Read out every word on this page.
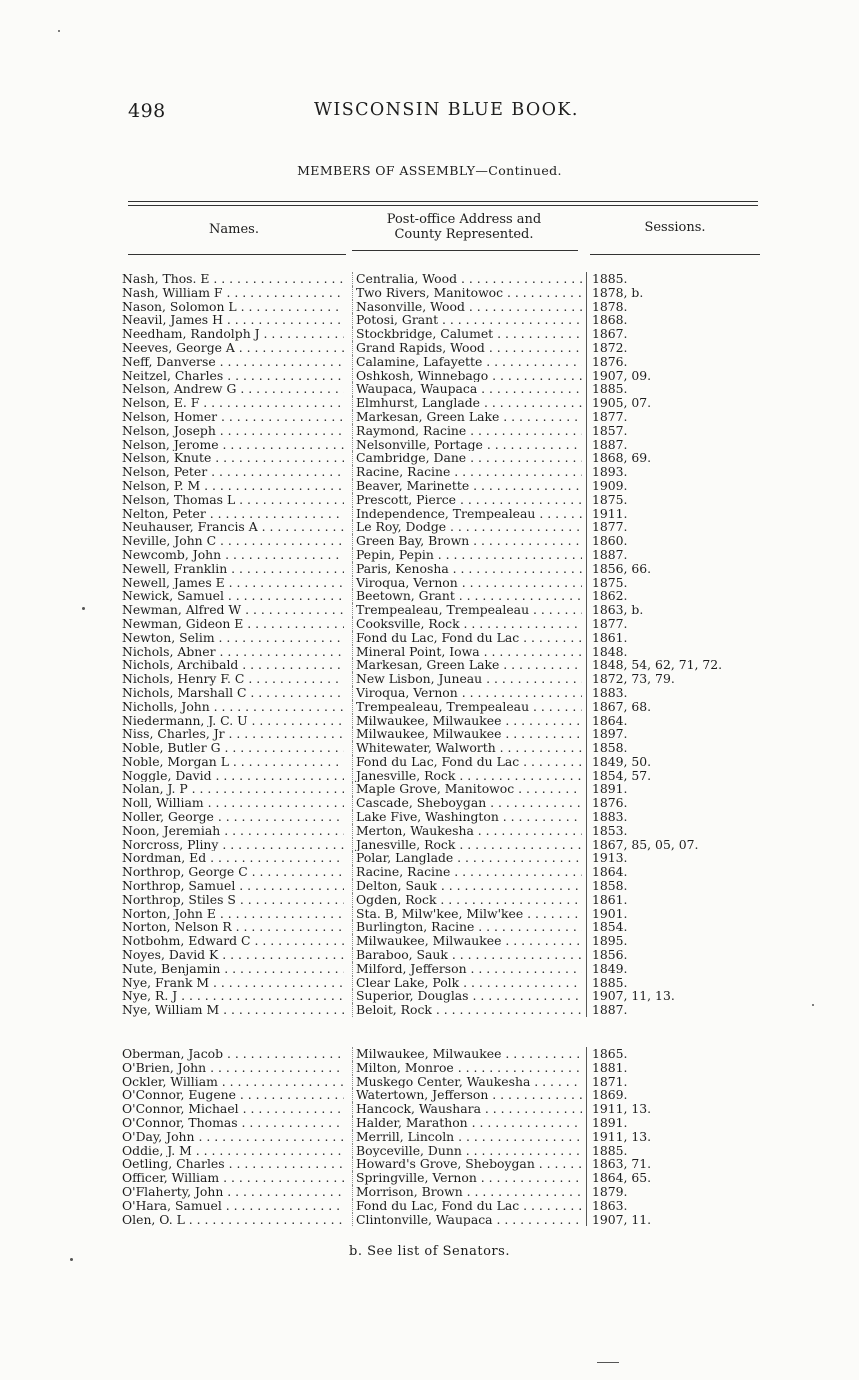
498	WISCONSIN BLUE BOOK.
MEMBERS OF ASSEMBLY—Continued.
Names.
Post-office Address and
County Represented.	Sessions.
Nash, Thos. E . . .	Centralia, Wood . . .	1885.
Nash, William F . . .	Two Rivers, Manitowoc . . .	1878, b.
Nason, Solomon L . . .	Nasonville, Wood . . .	1878.
Neavil, James H . . .	Potosi, Grant . . .	1868.
Needham, Randolph J . . .	Stockbridge, Calumet . . .	1867.
Neeves, George A . . .	Grand Rapids, Wood . . .	1872.
Neff, Danverse . . .	Calamine, Lafayette . . .	1876.
Neitzel, Charles . . .	Oshkosh, Winnebago . . .	1907, 09.
Nelson, Andrew G . . .	Waupaca, Waupaca . . .	1885.
Nelson, E. F . . .	Elmhurst, Langlade . . .	1905, 07.
Nelson, Homer . . .	Markesan, Green Lake . . .	1877.
Nelson, Joseph . . .	Raymond, Racine . . .	1857.
Nelson, Jerome . . .	Nelsonville, Portage . . .	1887.
Nelson, Knute . . .	Cambridge, Dane . . .	1868, 69.
Nelson, Peter . . .	Racine, Racine . . .	1893.
Nelson, P. M . . .	Beaver, Marinette . . .	1909.
Nelson, Thomas L . . .	Prescott, Pierce . . .	1875.
Nelton, Peter . . .	Independence, Trempealeau . . .	1911.
Neuhauser, Francis A . . .	Le Roy, Dodge . . .	1877.
Neville, John C . . .	Green Bay, Brown . . .	1860.
Newcomb, John . . .	Pepin, Pepin . . .	1887.
Newell, Franklin . . .	Paris, Kenosha . . .	1856, 66.
Newell, James E . . .	Viroqua, Vernon . . .	1875.
Newick, Samuel . . .	Beetown, Grant . . .	1862.
Newman, Alfred W . . .	Trempealeau, Trempealeau . . .	1863, b.
Newman, Gideon E . . .	Cooksville, Rock . . .	1877.
Newton, Selim . . .	Fond du Lac, Fond du Lac . . .	1861.
Nichols, Abner . . .	Mineral Point, Iowa . . .	1848.
Nichols, Archibald . . .	Markesan, Green Lake . . .	1848, 54, 62, 71, 72.
Nichols, Henry F. C . . .	New Lisbon, Juneau . . .	1872, 73, 79.
Nichols, Marshall C . . .	Viroqua, Vernon . . .	1883.
Nicholls, John . . .	Trempealeau, Trempealeau . . .	1867, 68.
Niedermann, J. C. U . . .	Milwaukee, Milwaukee . . .	1864.
Niss, Charles, Jr . . .	Milwaukee, Milwaukee . . .	1897.
Noble, Butler G . . .	Whitewater, Walworth . . .	1858.
Noble, Morgan L . . .	Fond du Lac, Fond du Lac . . .	1849, 50.
Noggle, David . . .	Janesville, Rock . . .	1854, 57.
Nolan, J. P . . .	Maple Grove, Manitowoc . . .	1891.
Noll, William . . .	Cascade, Sheboygan . . .	1876.
Noller, George . . .	Lake Five, Washington . . .	1883.
Noon, Jeremiah . . .	Merton, Waukesha . . .	1853.
Norcross, Pliny . . .	Janesville, Rock . . .	1867, 85, 05, 07.
Nordman, Ed . . .	Polar, Langlade . . .	1913.
Northrop, George C . . .	Racine, Racine . . .	1864.
Northrop, Samuel . . .	Delton, Sauk . . .	1858.
Northrop, Stiles S . . .	Ogden, Rock . . .	1861.
Norton, John E . . .	Sta. B, Milw'kee, Milw'kee . . .	1901.
Norton, Nelson R . . .	Burlington, Racine . . .	1854.
Notbohm, Edward C . . .	Milwaukee, Milwaukee . . .	1895.
Noyes, David K . . .	Baraboo, Sauk . . .	1856.
Nute, Benjamin . . .	Milford, Jefferson . . .	1849.
Nye, Frank M . . .	Clear Lake, Polk . . .	1885.
Nye, R. J . . .	Superior, Douglas . . .	1907, 11, 13.
Nye, William M . . .	Beloit, Rock . . .	1887.
Oberman, Jacob . . .	Milwaukee, Milwaukee . . .	1865.
O'Brien, John . . .	Milton, Monroe . . .	1881.
Ockler, William . . .	Muskego Center, Waukesha . . .	1871.
O'Connor, Eugene . . .	Watertown, Jefferson . . .	1869.
O'Connor, Michael . . .	Hancock, Waushara . . .	1911, 13.
O'Connor, Thomas . . .	Halder, Marathon . . .	1891.
O'Day, John . . .	Merrill, Lincoln . . .	1911, 13.
Oddie, J. M . . .	Boyceville, Dunn . . .	1885.
Oetling, Charles . . .	Howard's Grove, Sheboygan . . .	1863, 71.
Officer, William . . .	Springville, Vernon . . .	1864, 65.
O'Flaherty, John . . .	Morrison, Brown . . .	1879.
O'Hara, Samuel . . .	Fond du Lac, Fond du Lac . . .	1863.
Olen, O. L . . .	Clintonville, Waupaca . . .	1907, 11.
b. See list of Senators.
